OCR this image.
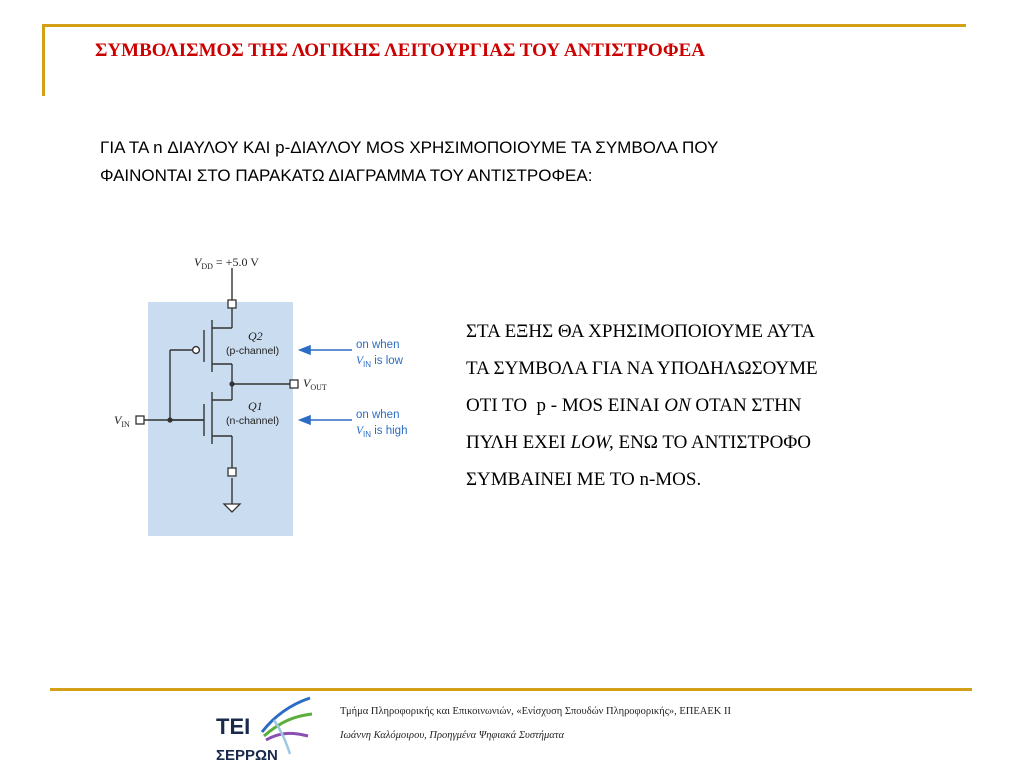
ΣΥΜΒΟΛΙΣΜΟΣ ΤΗΣ ΛΟΓΙΚΗΣ ΛΕΙΤΟΥΡΓΙΑΣ ΤΟΥ ΑΝΤΙΣΤΡΟΦΕΑ
ΓΙΑ ΤΑ n ΔΙΑΥΛΟΥ ΚΑΙ p-ΔΙΑΥΛΟΥ MOS ΧΡΗΣΙΜΟΠΟΙΟΥΜΕ ΤΑ ΣΥΜΒΟΛΑ ΠΟΥ
ΦΑΙΝΟΝΤΑΙ ΣΤΟ ΠΑΡΑΚΑΤΩ ΔΙΑΓΡΑΜΜΑ ΤΟΥ ΑΝΤΙΣΤΡΟΦΕΑ:
$V_{DD} = +5.0$ V
Q2
(p-channel)
$V_{OUT}$
Q1
(n-channel)
$V_{IN}$
on when
$V_{IN}$ is low
on when
$V_{IN}$ is high
ΣΤΑ ΕΞΗΣ ΘΑ ΧΡΗΣΙΜΟΠΟΙΟΥΜΕ ΑΥΤΑ
ΤΑ ΣΥΜΒΟΛΑ ΓΙΑ ΝΑ ΥΠΟΔΗΛΩΣΟΥΜΕ
ΟΤΙ ΤΟ  p - MOS ΕΙΝΑΙ ON ΟΤΑΝ ΣΤΗΝ
ΠΥΛΗ ΕΧΕΙ LOW, ΕΝΩ ΤΟ ΑΝΤΙΣΤΡΟΦΟ
ΣΥΜΒΑΙΝΕΙ ΜΕ ΤΟ n-MOS.
ΤΕΙ
ΣΕΡΡΩΝ
Τμήμα Πληροφορικής και Επικοινωνιών, «Ενίσχυση Σπουδών Πληροφορικής», ΕΠΕΑΕΚ ΙΙ
Ιωάννη Καλόμοιρου, Προηγμένα Ψηφιακά Συστήματα
